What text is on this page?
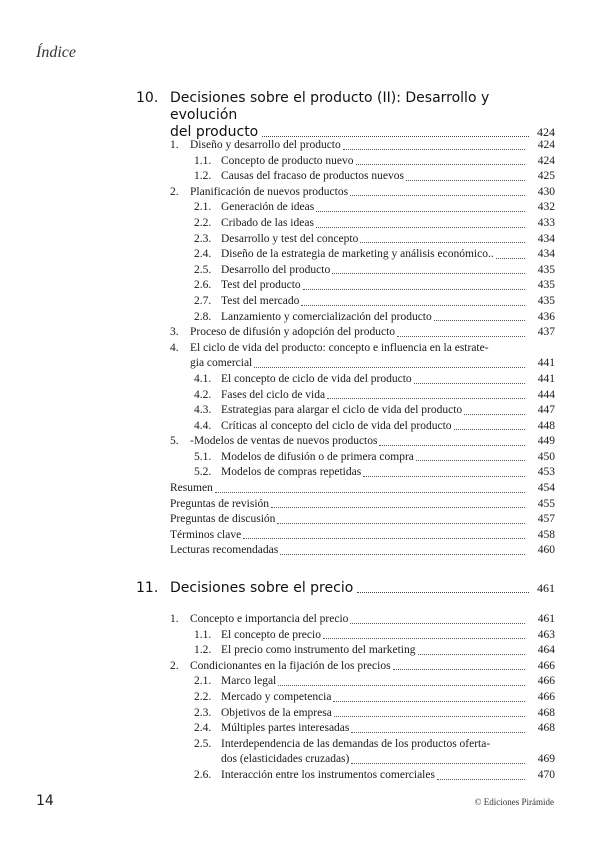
Índice
10. Decisiones sobre el producto (II): Desarrollo y evolución
del producto	424
1. Diseño y desarrollo del producto	424
1.1. Concepto de producto nuevo	424
1.2. Causas del fracaso de productos nuevos	425
2. Planificación de nuevos productos	430
2.1. Generación de ideas	432
2.2. Cribado de las ideas	433
2.3. Desarrollo y test del concepto	434
2.4. Diseño de la estrategia de marketing y análisis económico..	434
2.5. Desarrollo del producto	435
2.6. Test del producto	435
2.7. Test del mercado	435
2.8. Lanzamiento y comercialización del producto	436
3. Proceso de difusión y adopción del producto	437
4. El ciclo de vida del producto: concepto e influencia en la estrate-
gia comercial	441
4.1. El concepto de ciclo de vida del producto	441
4.2. Fases del ciclo de vida	444
4.3. Estrategias para alargar el ciclo de vida del producto	447
4.4. Críticas al concepto del ciclo de vida del producto	448
5. -Modelos de ventas de nuevos productos	449
5.1. Modelos de difusión o de primera compra	450
5.2. Modelos de compras repetidas	453
Resumen	454
Preguntas de revisión	455
Preguntas de discusión	457
Términos clave	458
Lecturas recomendadas	460
11. Decisiones sobre el precio	461
1. Concepto e importancia del precio	461
1.1. El concepto de precio	463
1.2. El precio como instrumento del marketing	464
2. Condicionantes en la fijación de los precios	466
2.1. Marco legal	466
2.2. Mercado y competencia	466
2.3. Objetivos de la empresa	468
2.4. Múltiples partes interesadas	468
2.5. Interdependencia de las demandas de los productos oferta-
dos (elasticidades cruzadas)	469
2.6. Interacción entre los instrumentos comerciales	470
14	© Ediciones Pirámide
